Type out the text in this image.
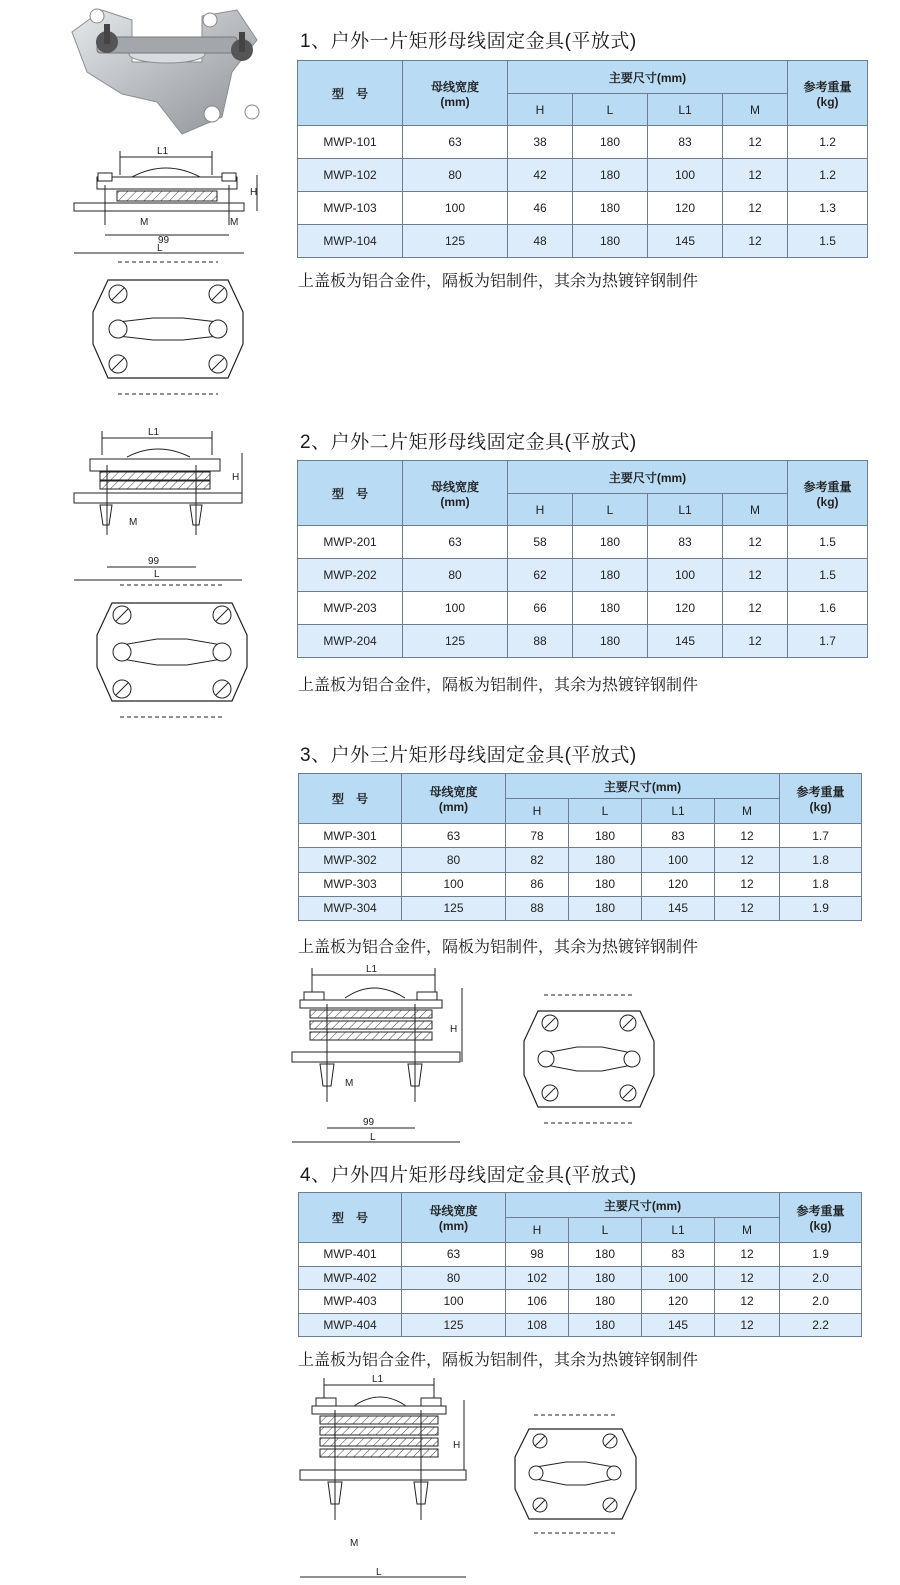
1、户外一片矩形母线固定金具(平放式)
型　号	母线宽度
(mm)	主要尺寸(mm)				参考重量
(kg)
		H	L	L1	M	
MWP-101	63	38	180	83	12	1.2
MWP-102	80	42	180	100	12	1.2
MWP-103	100	46	180	120	12	1.3
MWP-104	125	48	180	145	12	1.5
上盖板为铝合金件，隔板为铝制件，其余为热镀锌钢制件
L1
H
M	M
99
L
2、户外二片矩形母线固定金具(平放式)
型　号	母线宽度
(mm)	主要尺寸(mm)				参考重量
(kg)
		H	L	L1	M	
MWP-201	63	58	180	83	12	1.5
MWP-202	80	62	180	100	12	1.5
MWP-203	100	66	180	120	12	1.6
MWP-204	125	88	180	145	12	1.7
上盖板为铝合金件，隔板为铝制件，其余为热镀锌钢制件
L1
H
M
99
L
3、户外三片矩形母线固定金具(平放式)
型　号	母线宽度
(mm)	主要尺寸(mm)				参考重量
(kg)
		H	L	L1	M	
MWP-301	63	78	180	83	12	1.7
MWP-302	80	82	180	100	12	1.8
MWP-303	100	86	180	120	12	1.8
MWP-304	125	88	180	145	12	1.9
上盖板为铝合金件，隔板为铝制件，其余为热镀锌钢制件
L1
H
M
99
L
4、户外四片矩形母线固定金具(平放式)
型　号	母线宽度
(mm)	主要尺寸(mm)				参考重量
(kg)
		H	L	L1	M	
MWP-401	63	98	180	83	12	1.9
MWP-402	80	102	180	100	12	2.0
MWP-403	100	106	180	120	12	2.0
MWP-404	125	108	180	145	12	2.2
上盖板为铝合金件，隔板为铝制件，其余为热镀锌钢制件
L1
H
M
L
